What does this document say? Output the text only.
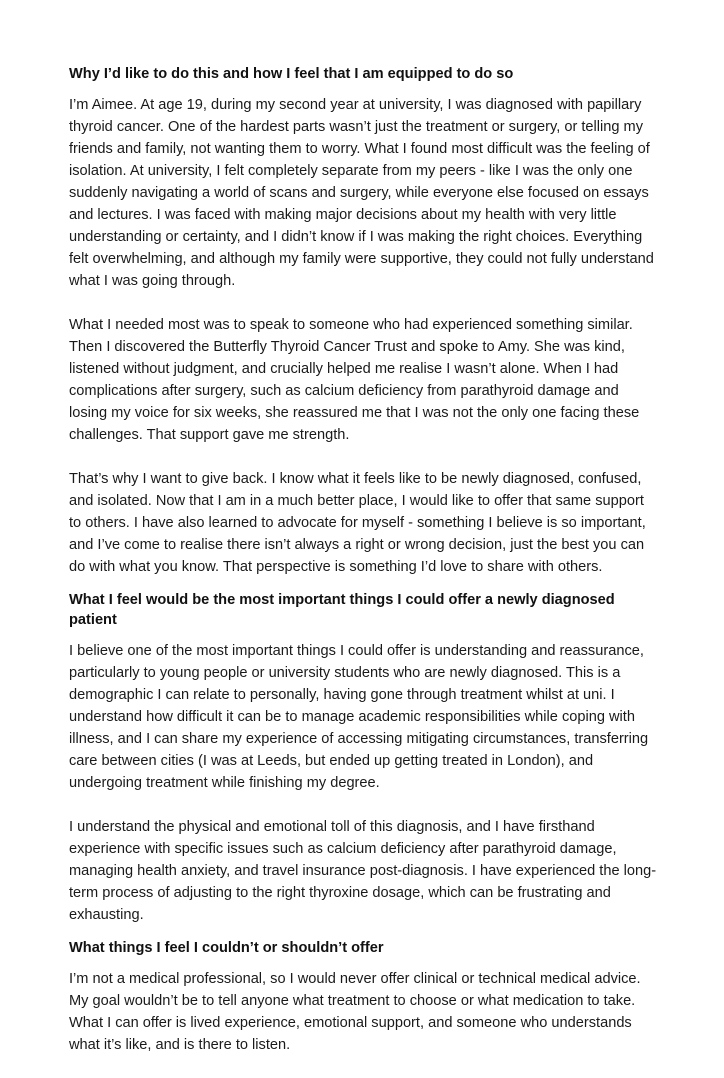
Why I’d like to do this and how I feel that I am equipped to do so

I’m Aimee. At age 19, during my second year at university, I was diagnosed with papillary thyroid cancer. One of the hardest parts wasn’t just the treatment or surgery, or telling my friends and family, not wanting them to worry. What I found most difficult was the feeling of isolation. At university, I felt completely separate from my peers - like I was the only one suddenly navigating a world of scans and surgery, while everyone else focused on essays and lectures. I was faced with making major decisions about my health with very little understanding or certainty, and I didn’t know if I was making the right choices. Everything felt overwhelming, and although my family were supportive, they could not fully understand what I was going through.

What I needed most was to speak to someone who had experienced something similar. Then I discovered the Butterfly Thyroid Cancer Trust and spoke to Amy. She was kind, listened without judgment, and crucially helped me realise I wasn’t alone. When I had complications after surgery, such as calcium deficiency from parathyroid damage and losing my voice for six weeks, she reassured me that I was not the only one facing these challenges. That support gave me strength.

That’s why I want to give back. I know what it feels like to be newly diagnosed, confused, and isolated. Now that I am in a much better place, I would like to offer that same support to others. I have also learned to advocate for myself - something I believe is so important, and I’ve come to realise there isn’t always a right or wrong decision, just the best you can do with what you know. That perspective is something I’d love to share with others.

What I feel would be the most important things I could offer a newly diagnosed patient

I believe one of the most important things I could offer is understanding and reassurance, particularly to young people or university students who are newly diagnosed. This is a demographic I can relate to personally, having gone through treatment whilst at uni. I understand how difficult it can be to manage academic responsibilities while coping with illness, and I can share my experience of accessing mitigating circumstances, transferring care between cities (I was at Leeds, but ended up getting treated in London), and undergoing treatment while finishing my degree.

I understand the physical and emotional toll of this diagnosis, and I have firsthand experience with specific issues such as calcium deficiency after parathyroid damage, managing health anxiety, and travel insurance post-diagnosis. I have experienced the long-term process of adjusting to the right thyroxine dosage, which can be frustrating and exhausting.

What things I feel I couldn’t or shouldn’t offer

I’m not a medical professional, so I would never offer clinical or technical medical advice. My goal wouldn’t be to tell anyone what treatment to choose or what medication to take. What I can offer is lived experience, emotional support, and someone who understands what it’s like, and is there to listen.
